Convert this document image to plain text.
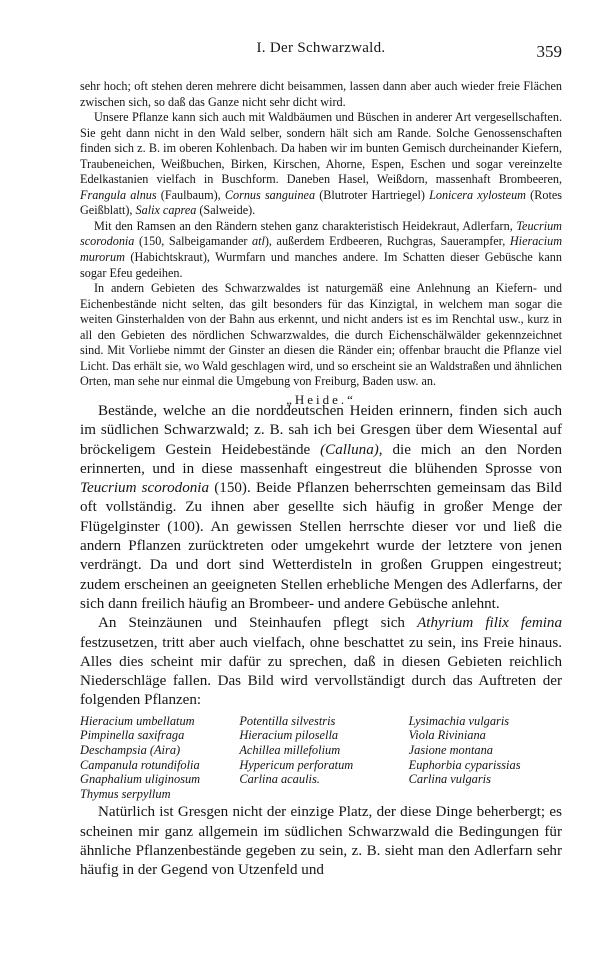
I. Der Schwarzwald.	359

sehr hoch; oft stehen deren mehrere dicht beisammen, lassen dann aber auch wieder freie Flächen zwischen sich, so daß das Ganze nicht sehr dicht wird.

Unsere Pflanze kann sich auch mit Waldbäumen und Büschen in anderer Art vergesellschaften. Sie geht dann nicht in den Wald selber, sondern hält sich am Rande. Solche Genossenschaften finden sich z. B. im oberen Kohlenbach. Da haben wir im bunten Gemisch durcheinander Kiefern, Traubeneichen, Weißbuchen, Birken, Kirschen, Ahorne, Espen, Eschen und sogar vereinzelte Edelkastanien vielfach in Buschform. Daneben Hasel, Weißdorn, massenhaft Brombeeren, Frangula alnus (Faulbaum), Cornus sanguinea (Blutroter Hartriegel) Lonicera xylosteum (Rotes Geißblatt), Salix caprea (Salweide).

Mit den Ramsen an den Rändern stehen ganz charakteristisch Heidekraut, Adlerfarn, Teucrium scorodonia (150, Salbeigamander atl), außerdem Erdbeeren, Ruchgras, Sauerampfer, Hieracium murorum (Habichtskraut), Wurmfarn und manches andere. Im Schatten dieser Gebüsche kann sogar Efeu gedeihen.

In andern Gebieten des Schwarzwaldes ist naturgemäß eine Anlehnung an Kiefern- und Eichenbestände nicht selten, das gilt besonders für das Kinzigtal, in welchem man sogar die weiten Ginsterhalden von der Bahn aus erkennt, und nicht anders ist es im Renchtal usw., kurz in all den Gebieten des nördlichen Schwarzwaldes, die durch Eichenschälwälder gekennzeichnet sind. Mit Vorliebe nimmt der Ginster an diesen die Ränder ein; offenbar braucht die Pflanze viel Licht. Das erhält sie, wo Wald geschlagen wird, und so erscheint sie an Waldstraßen und ähnlichen Orten, man sehe nur einmal die Umgebung von Freiburg, Baden usw. an.

„Heide.“

Bestände, welche an die norddeutschen Heiden erinnern, finden sich auch im südlichen Schwarzwald; z. B. sah ich bei Gresgen über dem Wiesental auf bröckeligem Gestein Heidebestände (Calluna), die mich an den Norden erinnerten, und in diese massenhaft eingestreut die blühenden Sprosse von Teucrium scorodonia (150). Beide Pflanzen beherrschten gemeinsam das Bild oft vollständig. Zu ihnen aber gesellte sich häufig in großer Menge der Flügelginster (100). An gewissen Stellen herrschte dieser vor und ließ die andern Pflanzen zurücktreten oder umgekehrt wurde der letztere von jenen verdrängt. Da und dort sind Wetterdisteln in großen Gruppen eingestreut; zudem erscheinen an geeigneten Stellen erhebliche Mengen des Adlerfarns, der sich dann freilich häufig an Brombeer- und andere Gebüsche anlehnt.

An Steinzäunen und Steinhaufen pflegt sich Athyrium filix femina festzusetzen, tritt aber auch vielfach, ohne beschattet zu sein, ins Freie hinaus. Alles dies scheint mir dafür zu sprechen, daß in diesen Gebieten reichlich Niederschläge fallen. Das Bild wird vervollständigt durch das Auftreten der folgenden Pflanzen:

Hieracium umbellatum
Pimpinella saxifraga
Deschampsia (Aira)
Campanula rotundifolia
Gnaphalium uliginosum
Thymus serpyllum
Potentilla silvestris
Hieracium pilosella
Achillea millefolium
Hypericum perforatum
Carlina acaulis.
Lysimachia vulgaris
Viola Riviniana
Jasione montana
Euphorbia cyparissias
Carlina vulgaris

Natürlich ist Gresgen nicht der einzige Platz, der diese Dinge beherbergt; es scheinen mir ganz allgemein im südlichen Schwarzwald die Bedingungen für ähnliche Pflanzenbestände gegeben zu sein, z. B. sieht man den Adlerfarn sehr häufig in der Gegend von Utzenfeld und
